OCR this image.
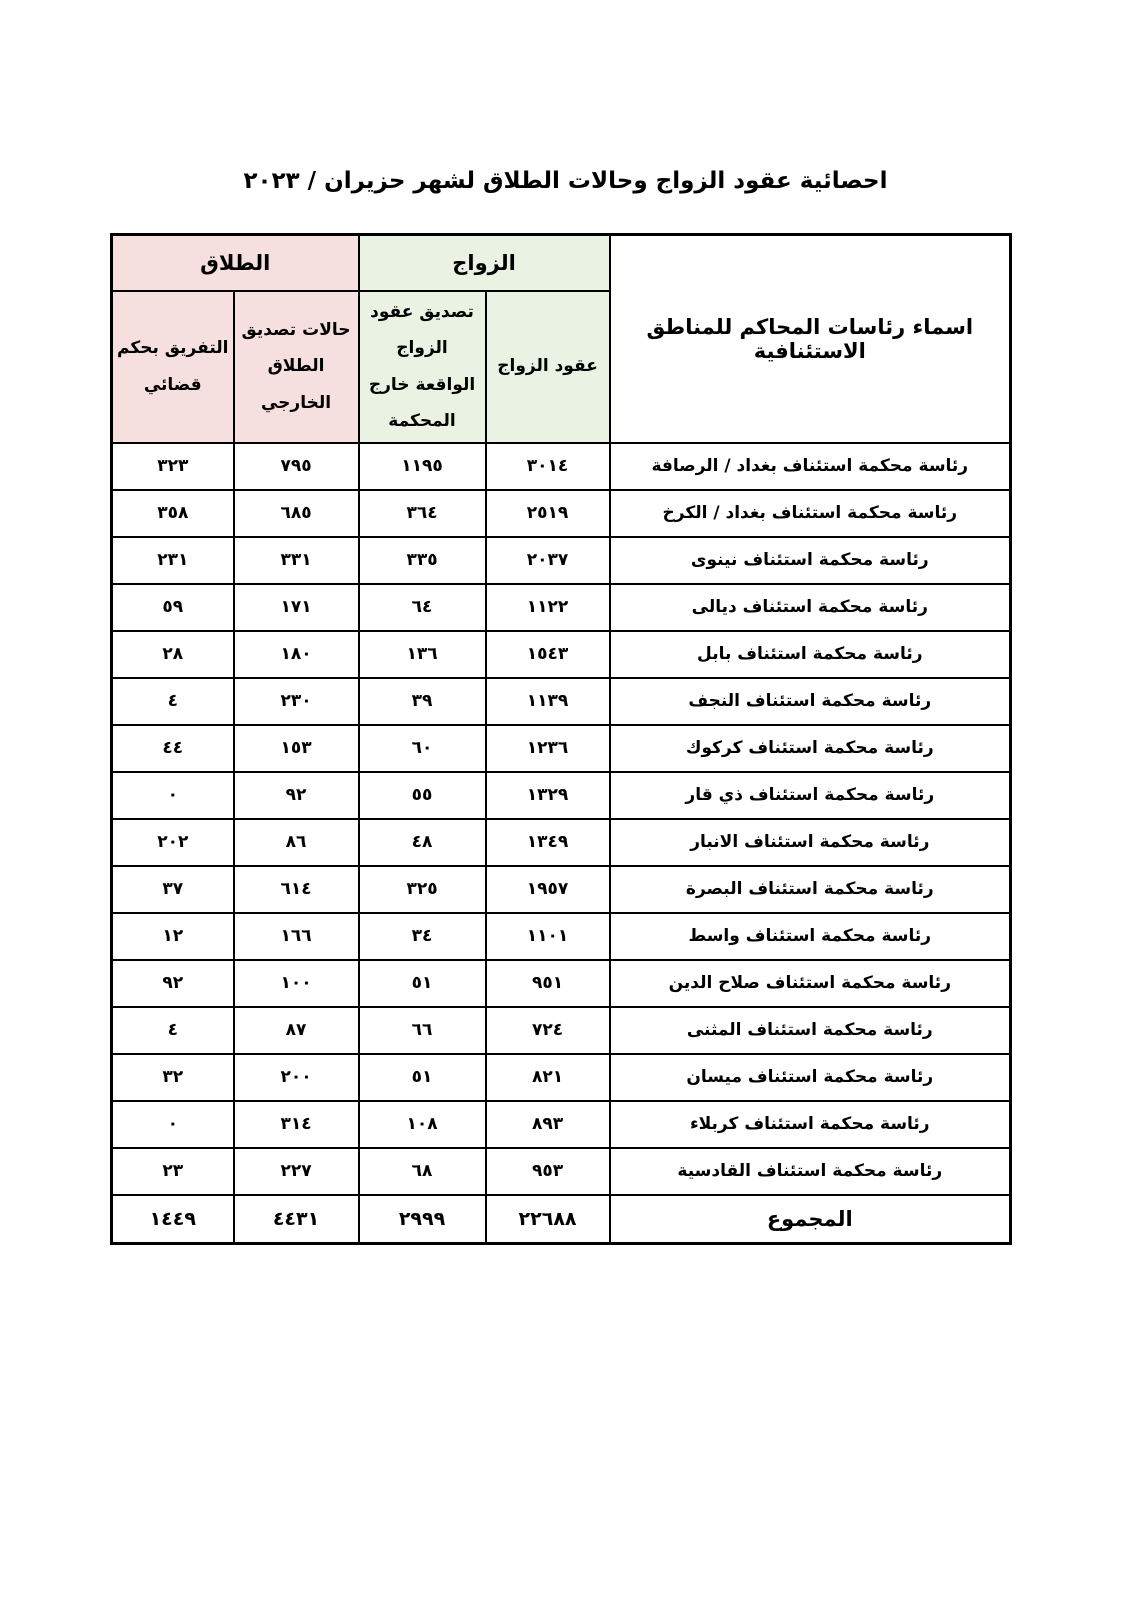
احصائية عقود الزواج وحالات الطلاق لشهر حزيران / ٢٠٢٣
اسماء رئاسات المحاكم للمناطق الاستئنافية	الزواج		الطلاق	
	عقود الزواج	تصديق عقود الزواج الواقعة خارج المحكمة	حالات تصديق الطلاق الخارجي	التفريق بحكم قضائي
رئاسة محكمة استئناف بغداد / الرصافة	٣٠١٤	١١٩٥	٧٩٥	٣٢٣
رئاسة محكمة استئناف بغداد / الكرخ	٢٥١٩	٣٦٤	٦٨٥	٣٥٨
رئاسة محكمة استئناف نينوى	٢٠٣٧	٣٣٥	٣٣١	٢٣١
رئاسة محكمة استئناف ديالى	١١٢٢	٦٤	١٧١	٥٩
رئاسة محكمة استئناف بابل	١٥٤٣	١٣٦	١٨٠	٢٨
رئاسة محكمة استئناف النجف	١١٣٩	٣٩	٢٣٠	٤
رئاسة محكمة استئناف كركوك	١٢٣٦	٦٠	١٥٣	٤٤
رئاسة محكمة استئناف ذي قار	١٣٢٩	٥٥	٩٢	٠
رئاسة محكمة استئناف الانبار	١٣٤٩	٤٨	٨٦	٢٠٢
رئاسة محكمة استئناف البصرة	١٩٥٧	٣٢٥	٦١٤	٣٧
رئاسة محكمة استئناف واسط	١١٠١	٣٤	١٦٦	١٢
رئاسة محكمة استئناف صلاح الدين	٩٥١	٥١	١٠٠	٩٢
رئاسة محكمة استئناف المثنى	٧٢٤	٦٦	٨٧	٤
رئاسة محكمة استئناف ميسان	٨٢١	٥١	٢٠٠	٣٢
رئاسة محكمة استئناف كربلاء	٨٩٣	١٠٨	٣١٤	٠
رئاسة محكمة استئناف القادسية	٩٥٣	٦٨	٢٢٧	٢٣
المجموع	٢٢٦٨٨	٢٩٩٩	٤٤٣١	١٤٤٩
